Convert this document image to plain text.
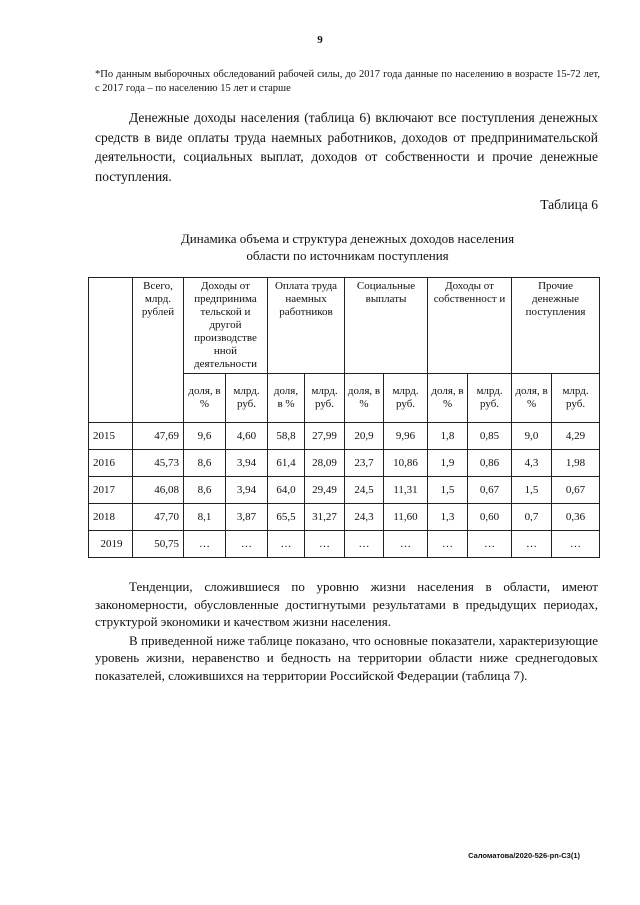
9
*По данным выборочных обследований рабочей силы, до 2017 года данные по населению в возрасте 15-72 лет, с 2017 года – по населению 15 лет и старше

Денежные доходы населения (таблица 6) включают все поступления денежных средств в виде оплаты труда наемных работников, доходов от предпринимательской деятельности, социальных выплат, доходов от собственности и прочие денежные поступления.

Таблица 6
Динамика объема и структура денежных доходов населения
области по источникам поступления
	Всего, млрд. рублей	Доходы от предпринима тельской и другой производстве нной деятельности		Оплата труда наемных работников		Социальные выплаты		Доходы от собственност и		Прочие денежные поступления	
		доля, в %	млрд. руб.	доля, в %	млрд. руб.	доля, в %	млрд. руб.	доля, в %	млрд. руб.	доля, в %	млрд. руб.
2015	47,69	9,6	4,60	58,8	27,99	20,9	9,96	1,8	0,85	9,0	4,29
2016	45,73	8,6	3,94	61,4	28,09	23,7	10,86	1,9	0,86	4,3	1,98
2017	46,08	8,6	3,94	64,0	29,49	24,5	11,31	1,5	0,67	1,5	0,67
2018	47,70	8,1	3,87	65,5	31,27	24,3	11,60	1,3	0,60	0,7	0,36
2019	50,75	…	…	…	…	…	…	…	…	…	…

Тенденции, сложившиеся по уровню жизни населения в области, имеют закономерности, обусловленные достигнутыми результатами в предыдущих периодах, структурой экономики и качеством жизни населения.

В приведенной ниже таблице показано, что основные показатели, характеризующие уровень жизни, неравенство и бедность на территории области ниже среднегодовых показателей, сложившихся на территории Российской Федерации (таблица 7).

Саломатова/2020-526-рп-С3(1)
